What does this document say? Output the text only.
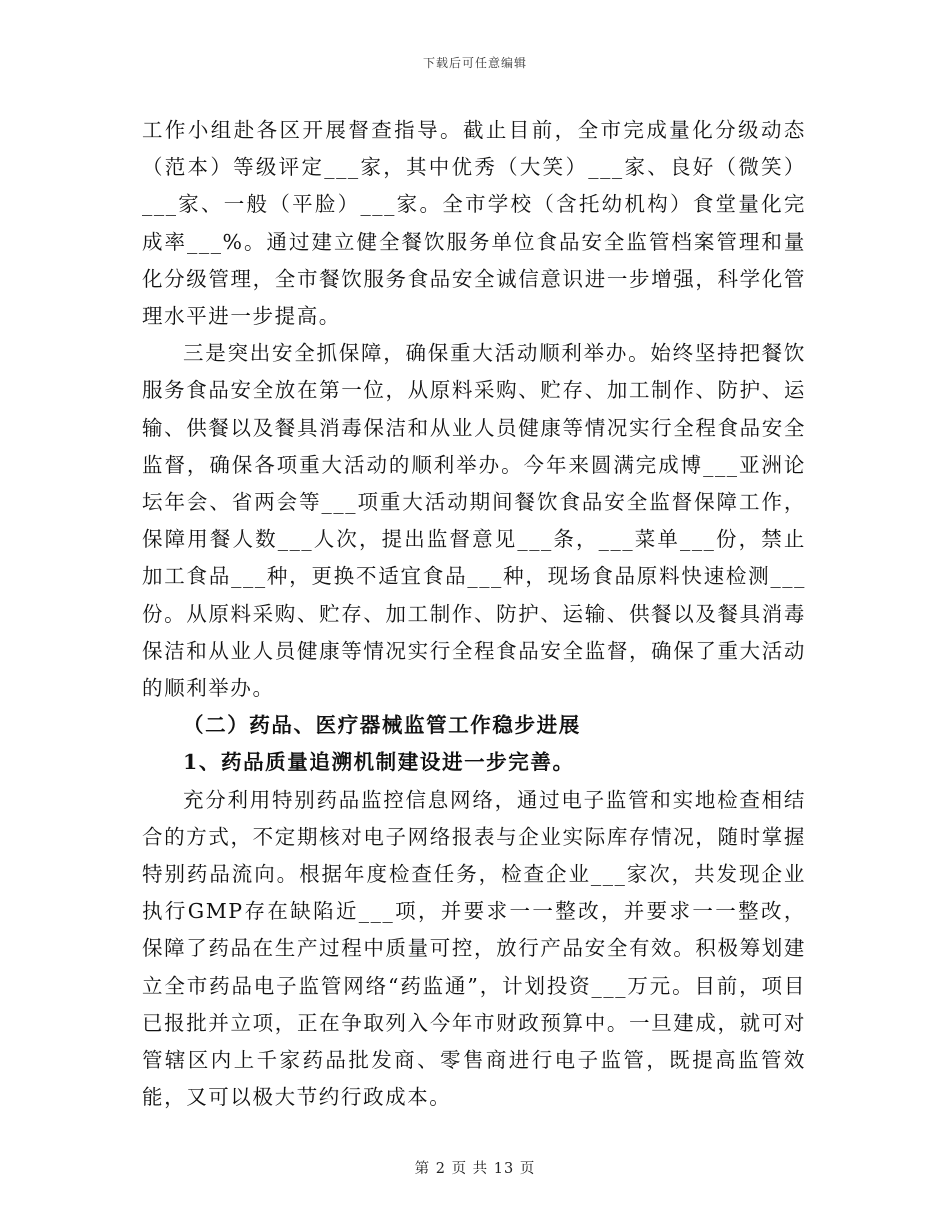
下载后可任意编辑

工作小组赴各区开展督查指导。截止目前，全市完成量化分级动态（范本）等级评定___家，其中优秀（大笑）___家、良好（微笑）___家、一般（平脸）___家。全市学校（含托幼机构）食堂量化完成率___%。通过建立健全餐饮服务单位食品安全监管档案管理和量化分级管理，全市餐饮服务食品安全诚信意识进一步增强，科学化管理水平进一步提高。

三是突出安全抓保障，确保重大活动顺利举办。始终坚持把餐饮服务食品安全放在第一位，从原料采购、贮存、加工制作、防护、运输、供餐以及餐具消毒保洁和从业人员健康等情况实行全程食品安全监督，确保各项重大活动的顺利举办。今年来圆满完成博___亚洲论坛年会、省两会等___项重大活动期间餐饮食品安全监督保障工作，保障用餐人数___人次，提出监督意见___条，___菜单___份，禁止加工食品___种，更换不适宜食品___种，现场食品原料快速检测___份。从原料采购、贮存、加工制作、防护、运输、供餐以及餐具消毒保洁和从业人员健康等情况实行全程食品安全监督，确保了重大活动的顺利举办。

（二）药品、医疗器械监管工作稳步进展

1、药品质量追溯机制建设进一步完善。

充分利用特别药品监控信息网络，通过电子监管和实地检查相结合的方式，不定期核对电子网络报表与企业实际库存情况，随时掌握特别药品流向。根据年度检查任务，检查企业___家次，共发现企业执行GMP存在缺陷近___项，并要求一一整改，并要求一一整改，保障了药品在生产过程中质量可控，放行产品安全有效。积极筹划建立全市药品电子监管网络“药监通”，计划投资___万元。目前，项目已报批并立项，正在争取列入今年市财政预算中。一旦建成，就可对管辖区内上千家药品批发商、零售商进行电子监管，既提高监管效能，又可以极大节约行政成本。

第 2 页 共 13 页
